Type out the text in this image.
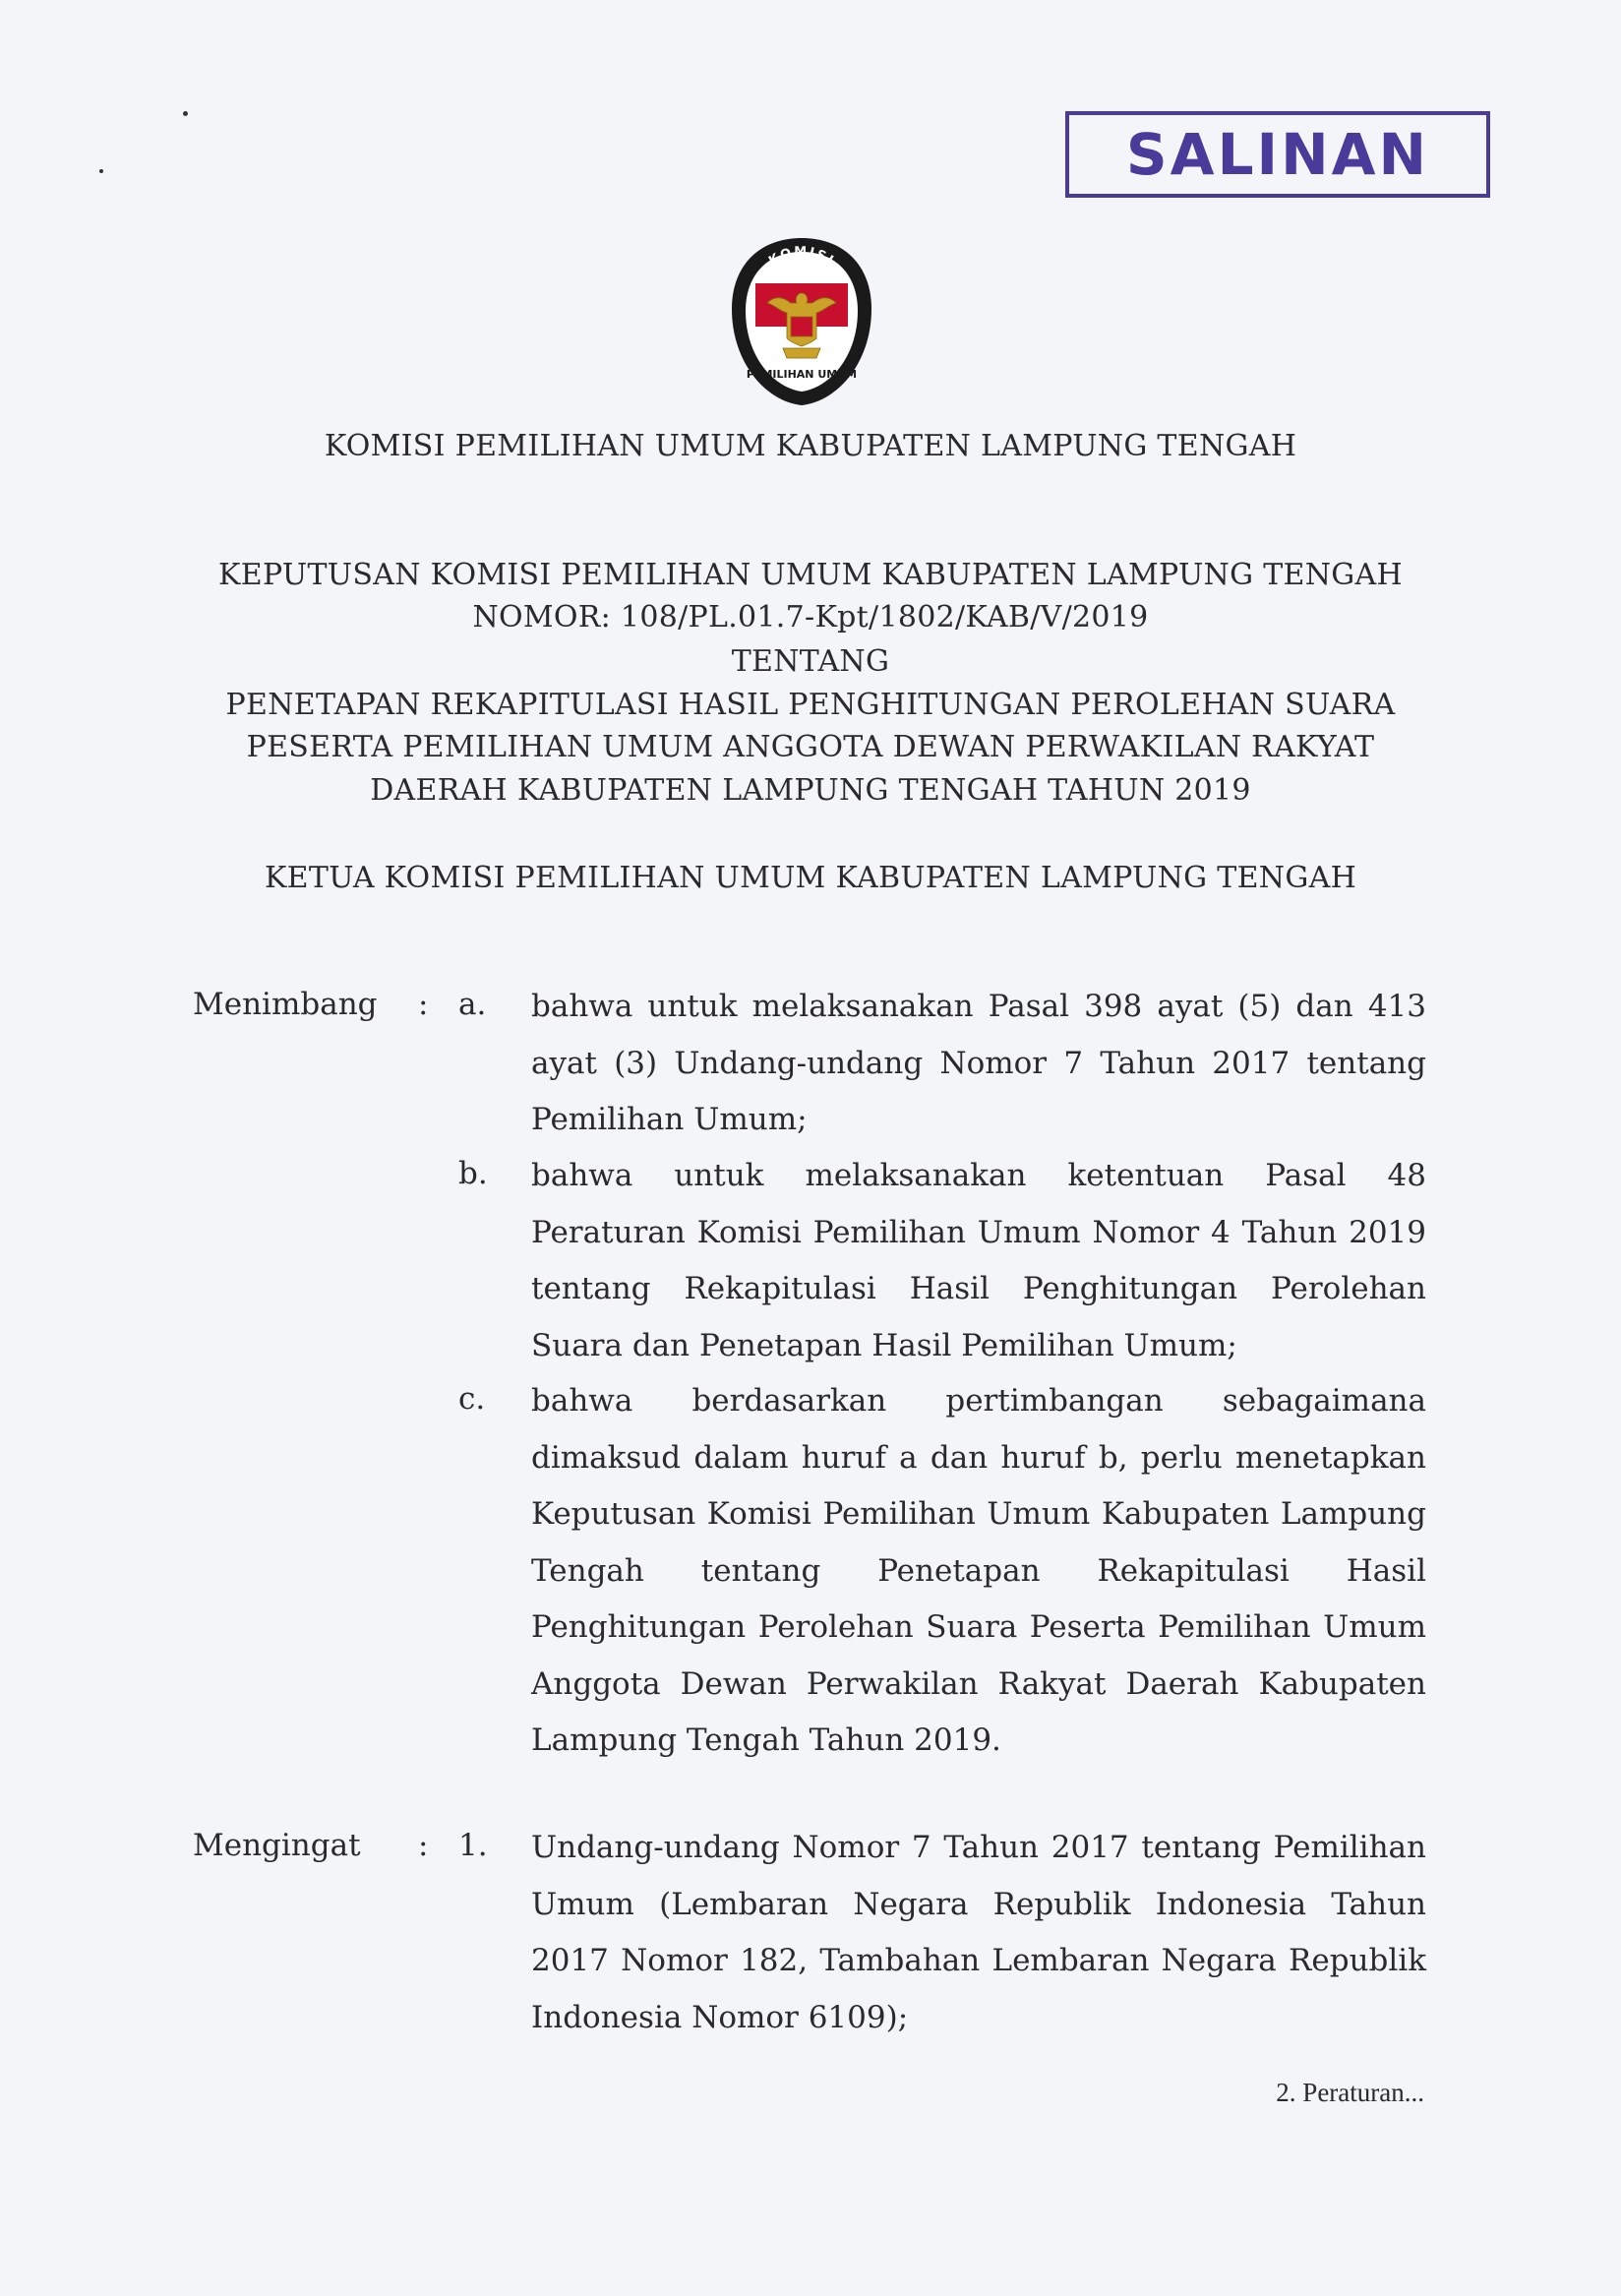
SALINAN
KOMISI
PEMILIHAN UMUM
KOMISI PEMILIHAN UMUM KABUPATEN LAMPUNG TENGAH
KEPUTUSAN KOMISI PEMILIHAN UMUM KABUPATEN LAMPUNG TENGAH
NOMOR: 108/PL.01.7-Kpt/1802/KAB/V/2019
TENTANG
PENETAPAN REKAPITULASI HASIL PENGHITUNGAN PEROLEHAN SUARA
PESERTA PEMILIHAN UMUM ANGGOTA DEWAN PERWAKILAN RAKYAT
DAERAH KABUPATEN LAMPUNG TENGAH TAHUN 2019
KETUA KOMISI PEMILIHAN UMUM KABUPATEN LAMPUNG TENGAH
Menimbang : a. bahwa untuk melaksanakan Pasal 398 ayat (5) dan 413 ayat (3) Undang-undang Nomor 7 Tahun 2017 tentang Pemilihan Umum;
b. bahwa untuk melaksanakan ketentuan Pasal 48 Peraturan Komisi Pemilihan Umum Nomor 4 Tahun 2019 tentang Rekapitulasi Hasil Penghitungan Perolehan Suara dan Penetapan Hasil Pemilihan Umum;
c. bahwa berdasarkan pertimbangan sebagaimana dimaksud dalam huruf a dan huruf b, perlu menetapkan Keputusan Komisi Pemilihan Umum Kabupaten Lampung Tengah tentang Penetapan Rekapitulasi Hasil Penghitungan Perolehan Suara Peserta Pemilihan Umum Anggota Dewan Perwakilan Rakyat Daerah Kabupaten Lampung Tengah Tahun 2019.
Mengingat : 1. Undang-undang Nomor 7 Tahun 2017 tentang Pemilihan Umum (Lembaran Negara Republik Indonesia Tahun 2017 Nomor 182, Tambahan Lembaran Negara Republik Indonesia Nomor 6109);
2. Peraturan...
